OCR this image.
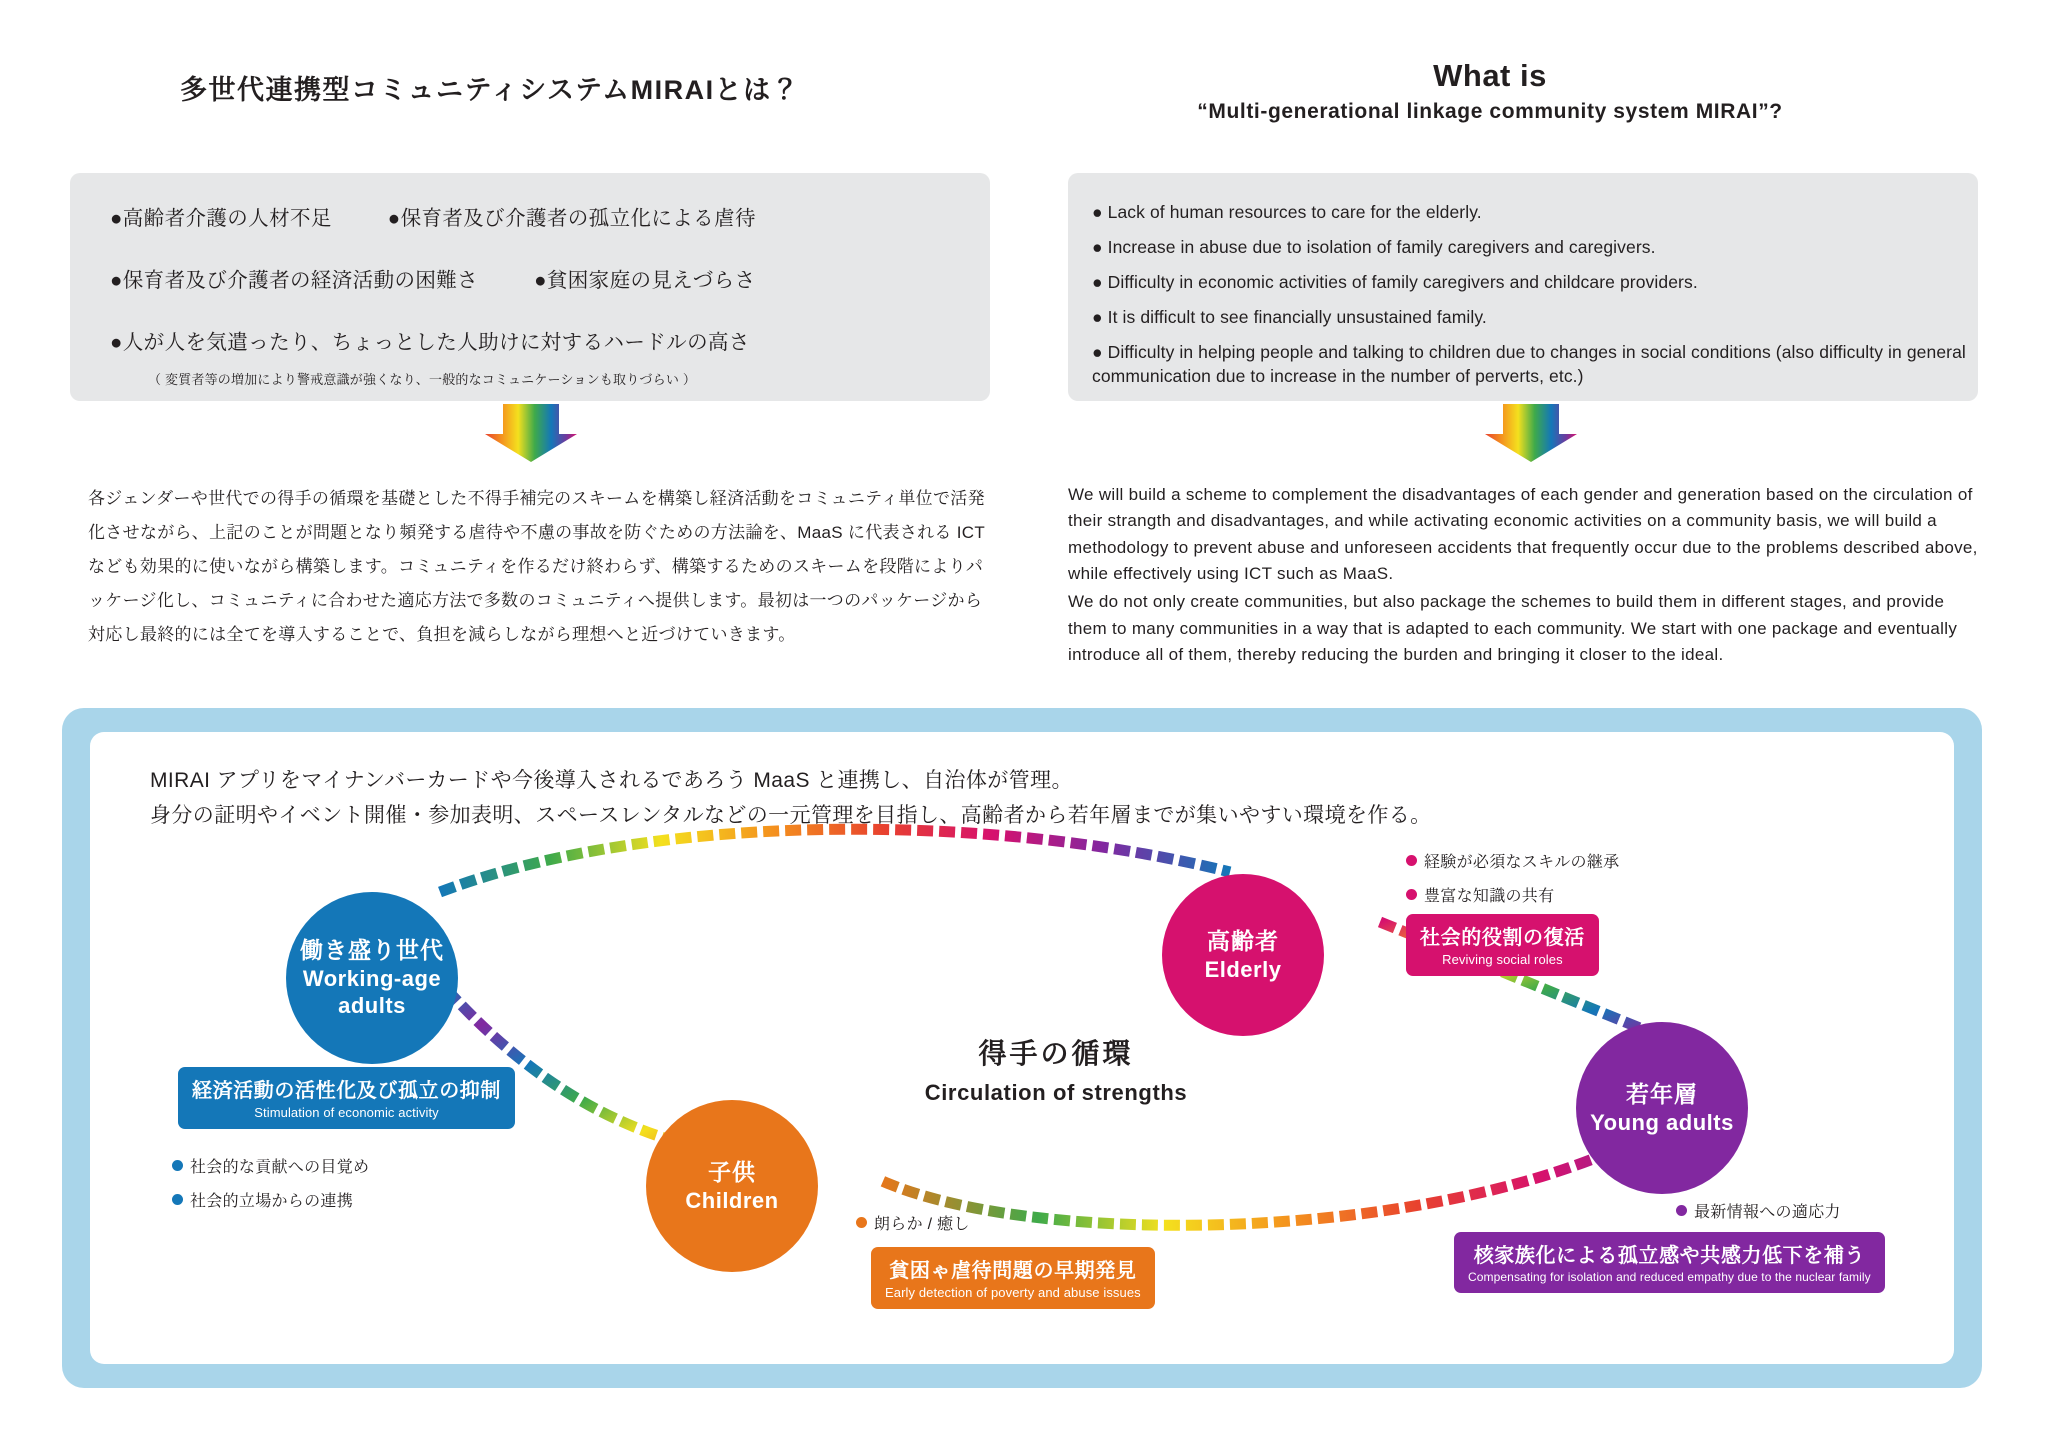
多世代連携型コミュニティシステムMIRAIとは？	What is
“Multi-generational linkage community system MIRAI”?
●高齢者介護の人材不足	●保育者及び介護者の孤立化による虐待
●保育者及び介護者の経済活動の困難さ	●貧困家庭の見えづらさ
●人が人を気遣ったり、ちょっとした人助けに対するハードルの高さ
（ 変質者等の増加により警戒意識が強くなり、一般的なコミュニケーションも取りづらい ）
● Lack of human resources to care for the elderly.
● Increase in abuse due to isolation of family caregivers and caregivers.
● Difficulty in economic activities of family caregivers and childcare providers.
● It is difficult to see financially unsustained family.
● Difficulty in helping people and talking to children due to changes in social conditions (also difficulty in general communication due to increase in the number of perverts, etc.)
各ジェンダーや世代での得手の循環を基礎とした不得手補完のスキームを構築し経済活動をコミュニティ単位で活発化させながら、上記のことが問題となり頻発する虐待や不慮の事故を防ぐための方法論を、MaaS に代表される ICT なども効果的に使いながら構築します。コミュニティを作るだけ終わらず、構築するためのスキームを段階によりパッケージ化し、コミュニティに合わせた適応方法で多数のコミュニティへ提供します。最初は一つのパッケージから対応し最終的には全てを導入することで、負担を減らしながら理想へと近づけていきます。

We will build a scheme to complement the disadvantages of each gender and generation based on the circulation of their strangth and disadvantages, and while activating economic activities on a community basis, we will build a methodology to prevent abuse and unforeseen accidents that frequently occur due to the problems described above, while effectively using ICT such as MaaS.

We do not only create communities, but also package the schemes to build them in different stages, and provide them to many communities in a way that is adapted to each community. We start with one package and eventually introduce all of them, thereby reducing the burden and bringing it closer to the ideal.

MIRAI アプリをマイナンバーカードや今後導入されるであろう MaaS と連携し、自治体が管理。
身分の証明やイベント開催・参加表明、スペースレンタルなどの一元管理を目指し、高齢者から若年層までが集いやすい環境を作る。
働き盛り世代
Working-age
adults
子供
Children
高齢者
Elderly
若年層
Young adults
得手の循環
Circulation of strengths
経済活動の活性化及び孤立の抑制
Stimulation of economic activity
貧困ゃ虐待問題の早期発見
Early detection of poverty and abuse issues
社会的役割の復活
Reviving social roles
核家族化による孤立感や共感力低下を補う
Compensating for isolation and reduced empathy due to the nuclear family
社会的な貢献への目覚め
社会的立場からの連携
朗らか / 癒し
経験が必須なスキルの継承
豊富な知識の共有
最新情報への適応力
